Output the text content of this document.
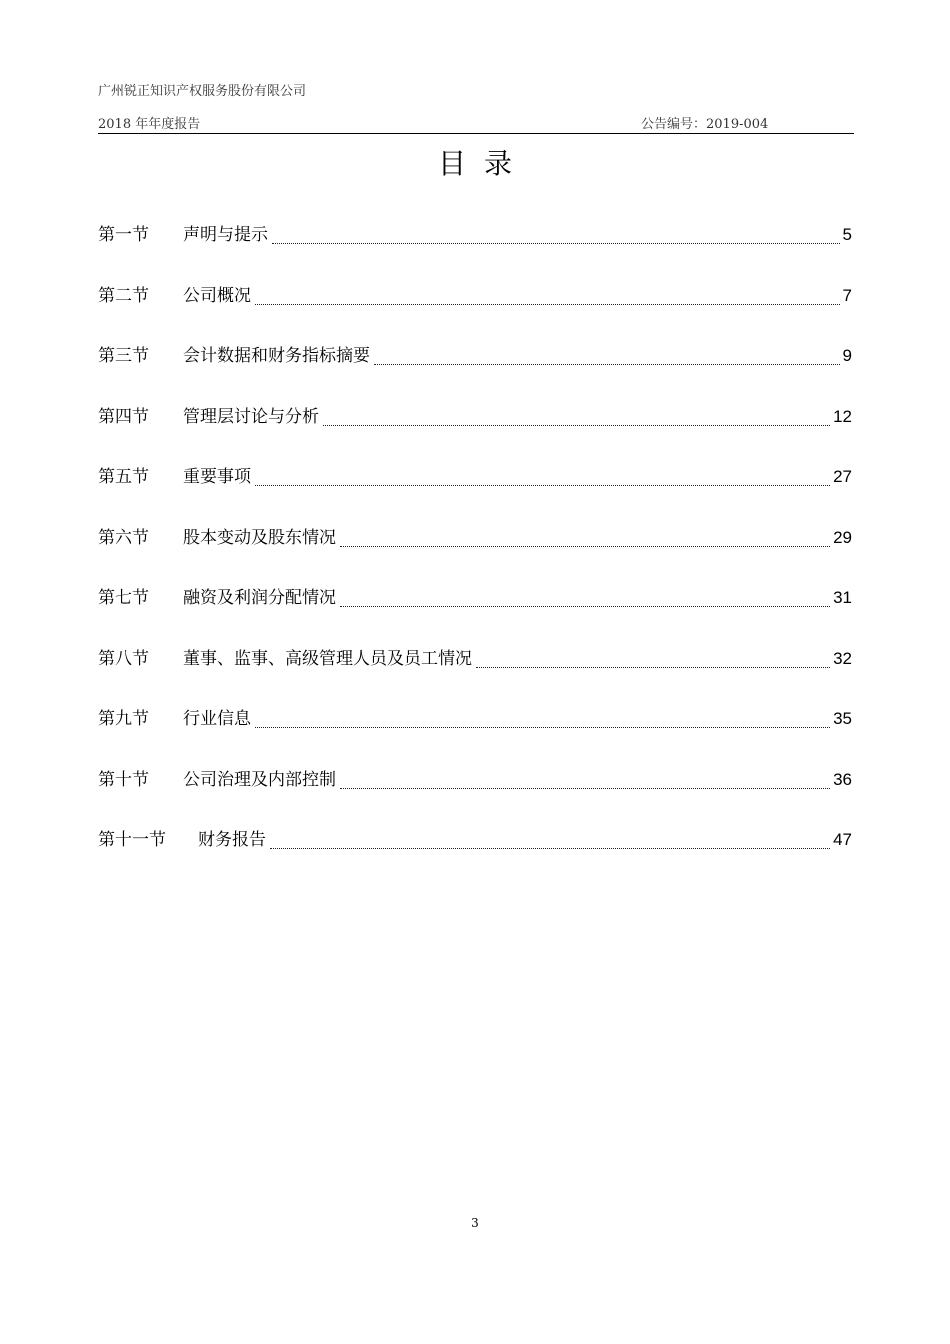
广州锐正知识产权服务股份有限公司
2018 年年度报告	公告编号：2019-004
目录
第一节	声明与提示	5
第二节	公司概况	7
第三节	会计数据和财务指标摘要	9
第四节	管理层讨论与分析	12
第五节	重要事项	27
第六节	股本变动及股东情况	29
第七节	融资及利润分配情况	31
第八节	董事、监事、高级管理人员及员工情况	32
第九节	行业信息	35
第十节	公司治理及内部控制	36
第十一节	财务报告	47
3
